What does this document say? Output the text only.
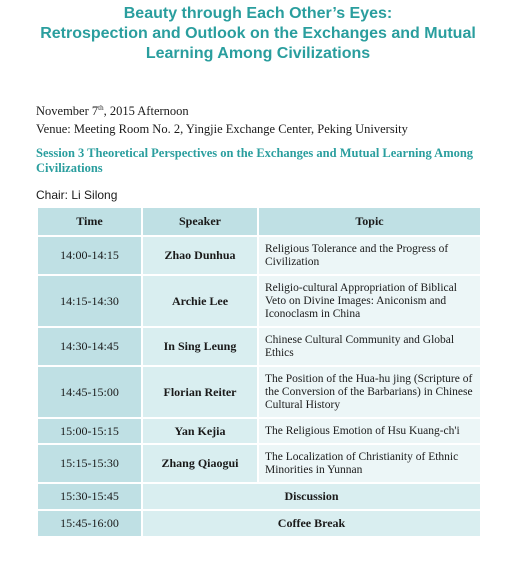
Beauty through Each Other’s Eyes:
Retrospection and Outlook on the Exchanges and Mutual
Learning Among Civilizations
November 7th, 2015 Afternoon
Venue: Meeting Room No. 2, Yingjie Exchange Center, Peking University
Session 3 Theoretical Perspectives on the Exchanges and Mutual Learning Among Civilizations
Chair: Li Silong
Time	Speaker	Topic
14:00-14:15	Zhao Dunhua	Religious Tolerance and the Progress of Civilization
14:15-14:30	Archie Lee	Religio-cultural Appropriation of Biblical Veto on Divine Images: Aniconism and Iconoclasm in China
14:30-14:45	In Sing Leung	Chinese Cultural Community and Global Ethics
14:45-15:00	Florian Reiter	The Position of the Hua-hu jing (Scripture of the Conversion of the Barbarians) in Chinese Cultural History
15:00-15:15	Yan Kejia	The Religious Emotion of Hsu Kuang-ch'i
15:15-15:30	Zhang Qiaogui	The Localization of Christianity of Ethnic Minorities in Yunnan
15:30-15:45	Discussion	
15:45-16:00	Coffee Break	
